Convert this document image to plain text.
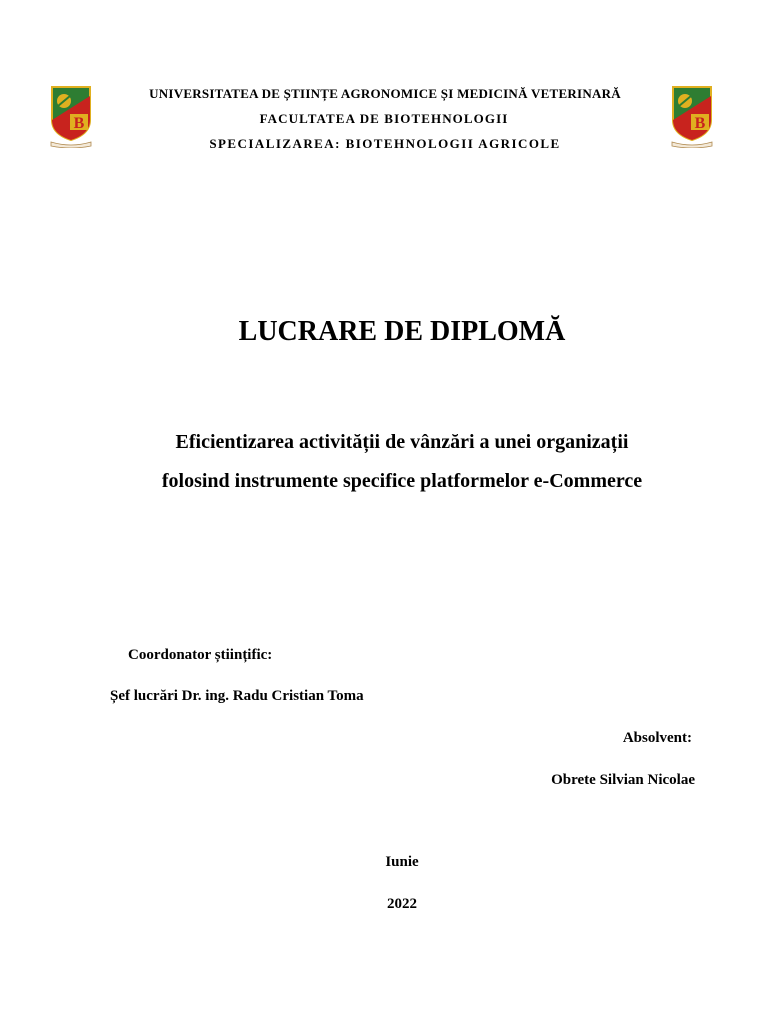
B	B
UNIVERSITATEA DE ȘTIINȚE AGRONOMICE ȘI MEDICINĂ VETERINARĂ
FACULTATEA DE BIOTEHNOLOGII
SPECIALIZAREA: BIOTEHNOLOGII AGRICOLE
LUCRARE DE DIPLOMĂ
Eficientizarea activității de vânzări a unei organizații
folosind instrumente specifice platformelor e-Commerce
Coordonator științific:
Șef lucrări Dr. ing. Radu Cristian Toma
Absolvent:
Obrete Silvian Nicolae
Iunie
2022
